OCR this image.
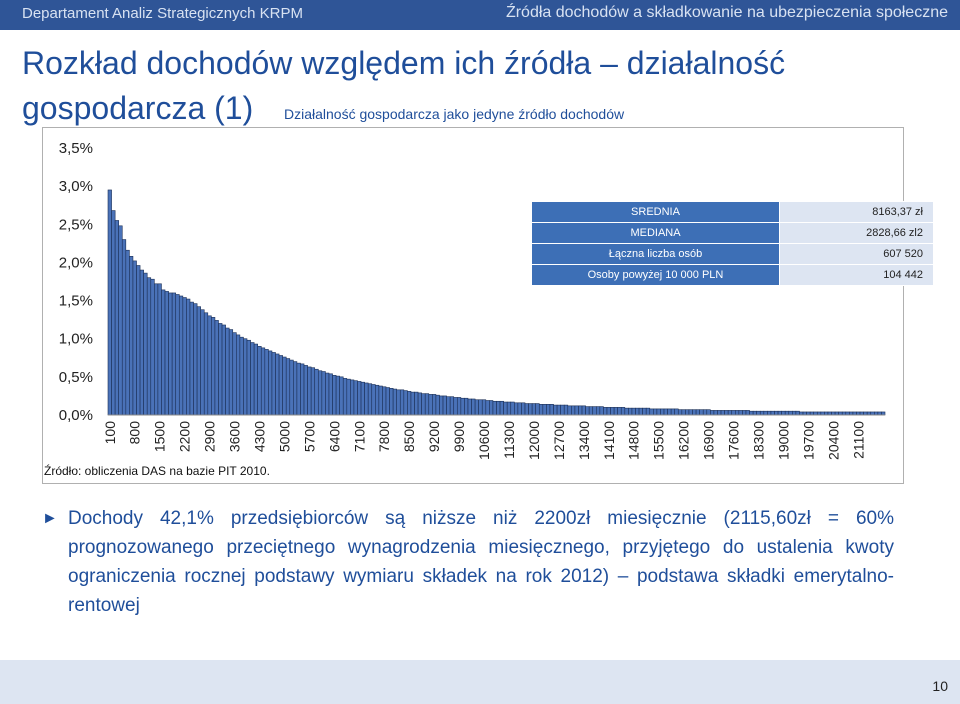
Departament Analiz Strategicznych KRPM	Źródła dochodów a składkowanie na ubezpieczenia społeczne
Rozkład dochodów względem ich źródła – działalność
gospodarcza (1) Działalność gospodarcza jako jedyne źródło dochodów
0,0%
0,5%
1,0%
1,5%
2,0%
2,5%
3,0%
3,5%
100 800 1500 2200 2900 3600 4300 5000 5700 6400 7100 7800 8500 9200 9900 10600 11300 12000 12700 13400 14100 14800 15500 16200 16900 17600 18300 19000 19700 20400 21100
SREDNIA	8163,37 zł
MEDIANA	2828,66 zl2
Łączna liczba osób	607 520
Osoby powyżej 10 000 PLN	104 442
Źródło: obliczenia DAS na bazie PIT 2010.
► Dochody 42,1% przedsiębiorców są niższe niż 2200zł miesięcznie (2115,60zł = 60% prognozowanego przeciętnego wynagrodzenia miesięcznego, przyjętego do ustalenia kwoty ograniczenia rocznej podstawy wymiaru składek na rok 2012) – podstawa składki emerytalno-rentowej
10
